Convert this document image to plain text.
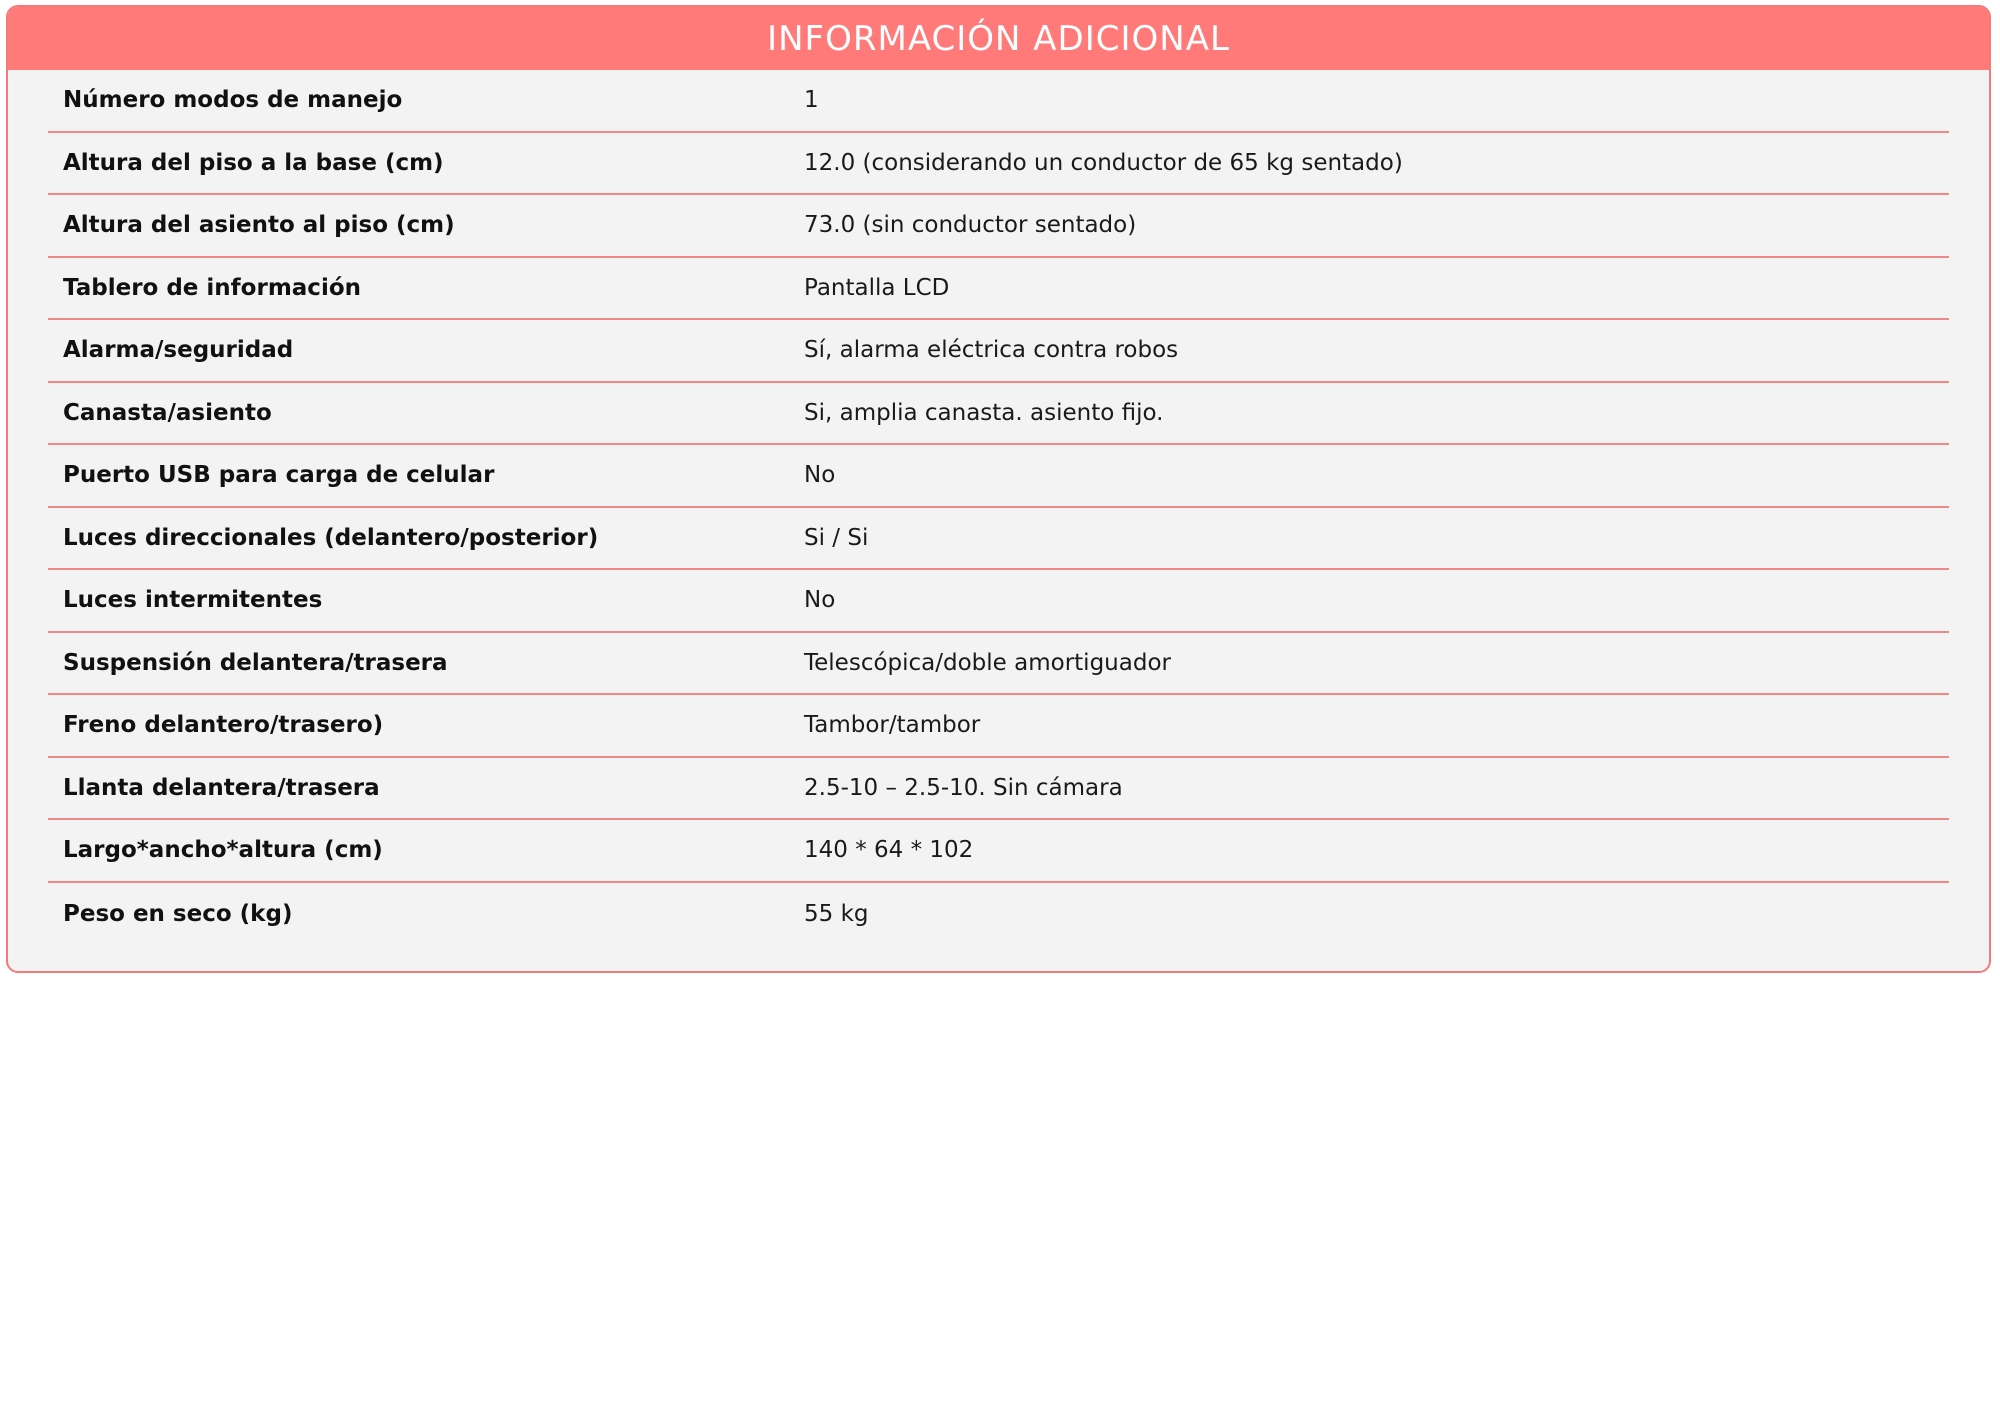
INFORMACIÓN ADICIONAL
Número modos de manejo	1
Altura del piso a la base (cm)	12.0 (considerando un conductor de 65 kg sentado)
Altura del asiento al piso (cm)	73.0 (sin conductor sentado)
Tablero de información	Pantalla LCD
Alarma/seguridad	Sí, alarma eléctrica contra robos
Canasta/asiento	Si, amplia canasta. asiento fijo.
Puerto USB para carga de celular	No
Luces direccionales (delantero/posterior)	Si / Si
Luces intermitentes	No
Suspensión delantera/trasera	Telescópica/doble amortiguador
Freno delantero/trasero)	Tambor/tambor
Llanta delantera/trasera	2.5-10 – 2.5-10. Sin cámara
Largo*ancho*altura (cm)	140 * 64 * 102
Peso en seco (kg)	55 kg
